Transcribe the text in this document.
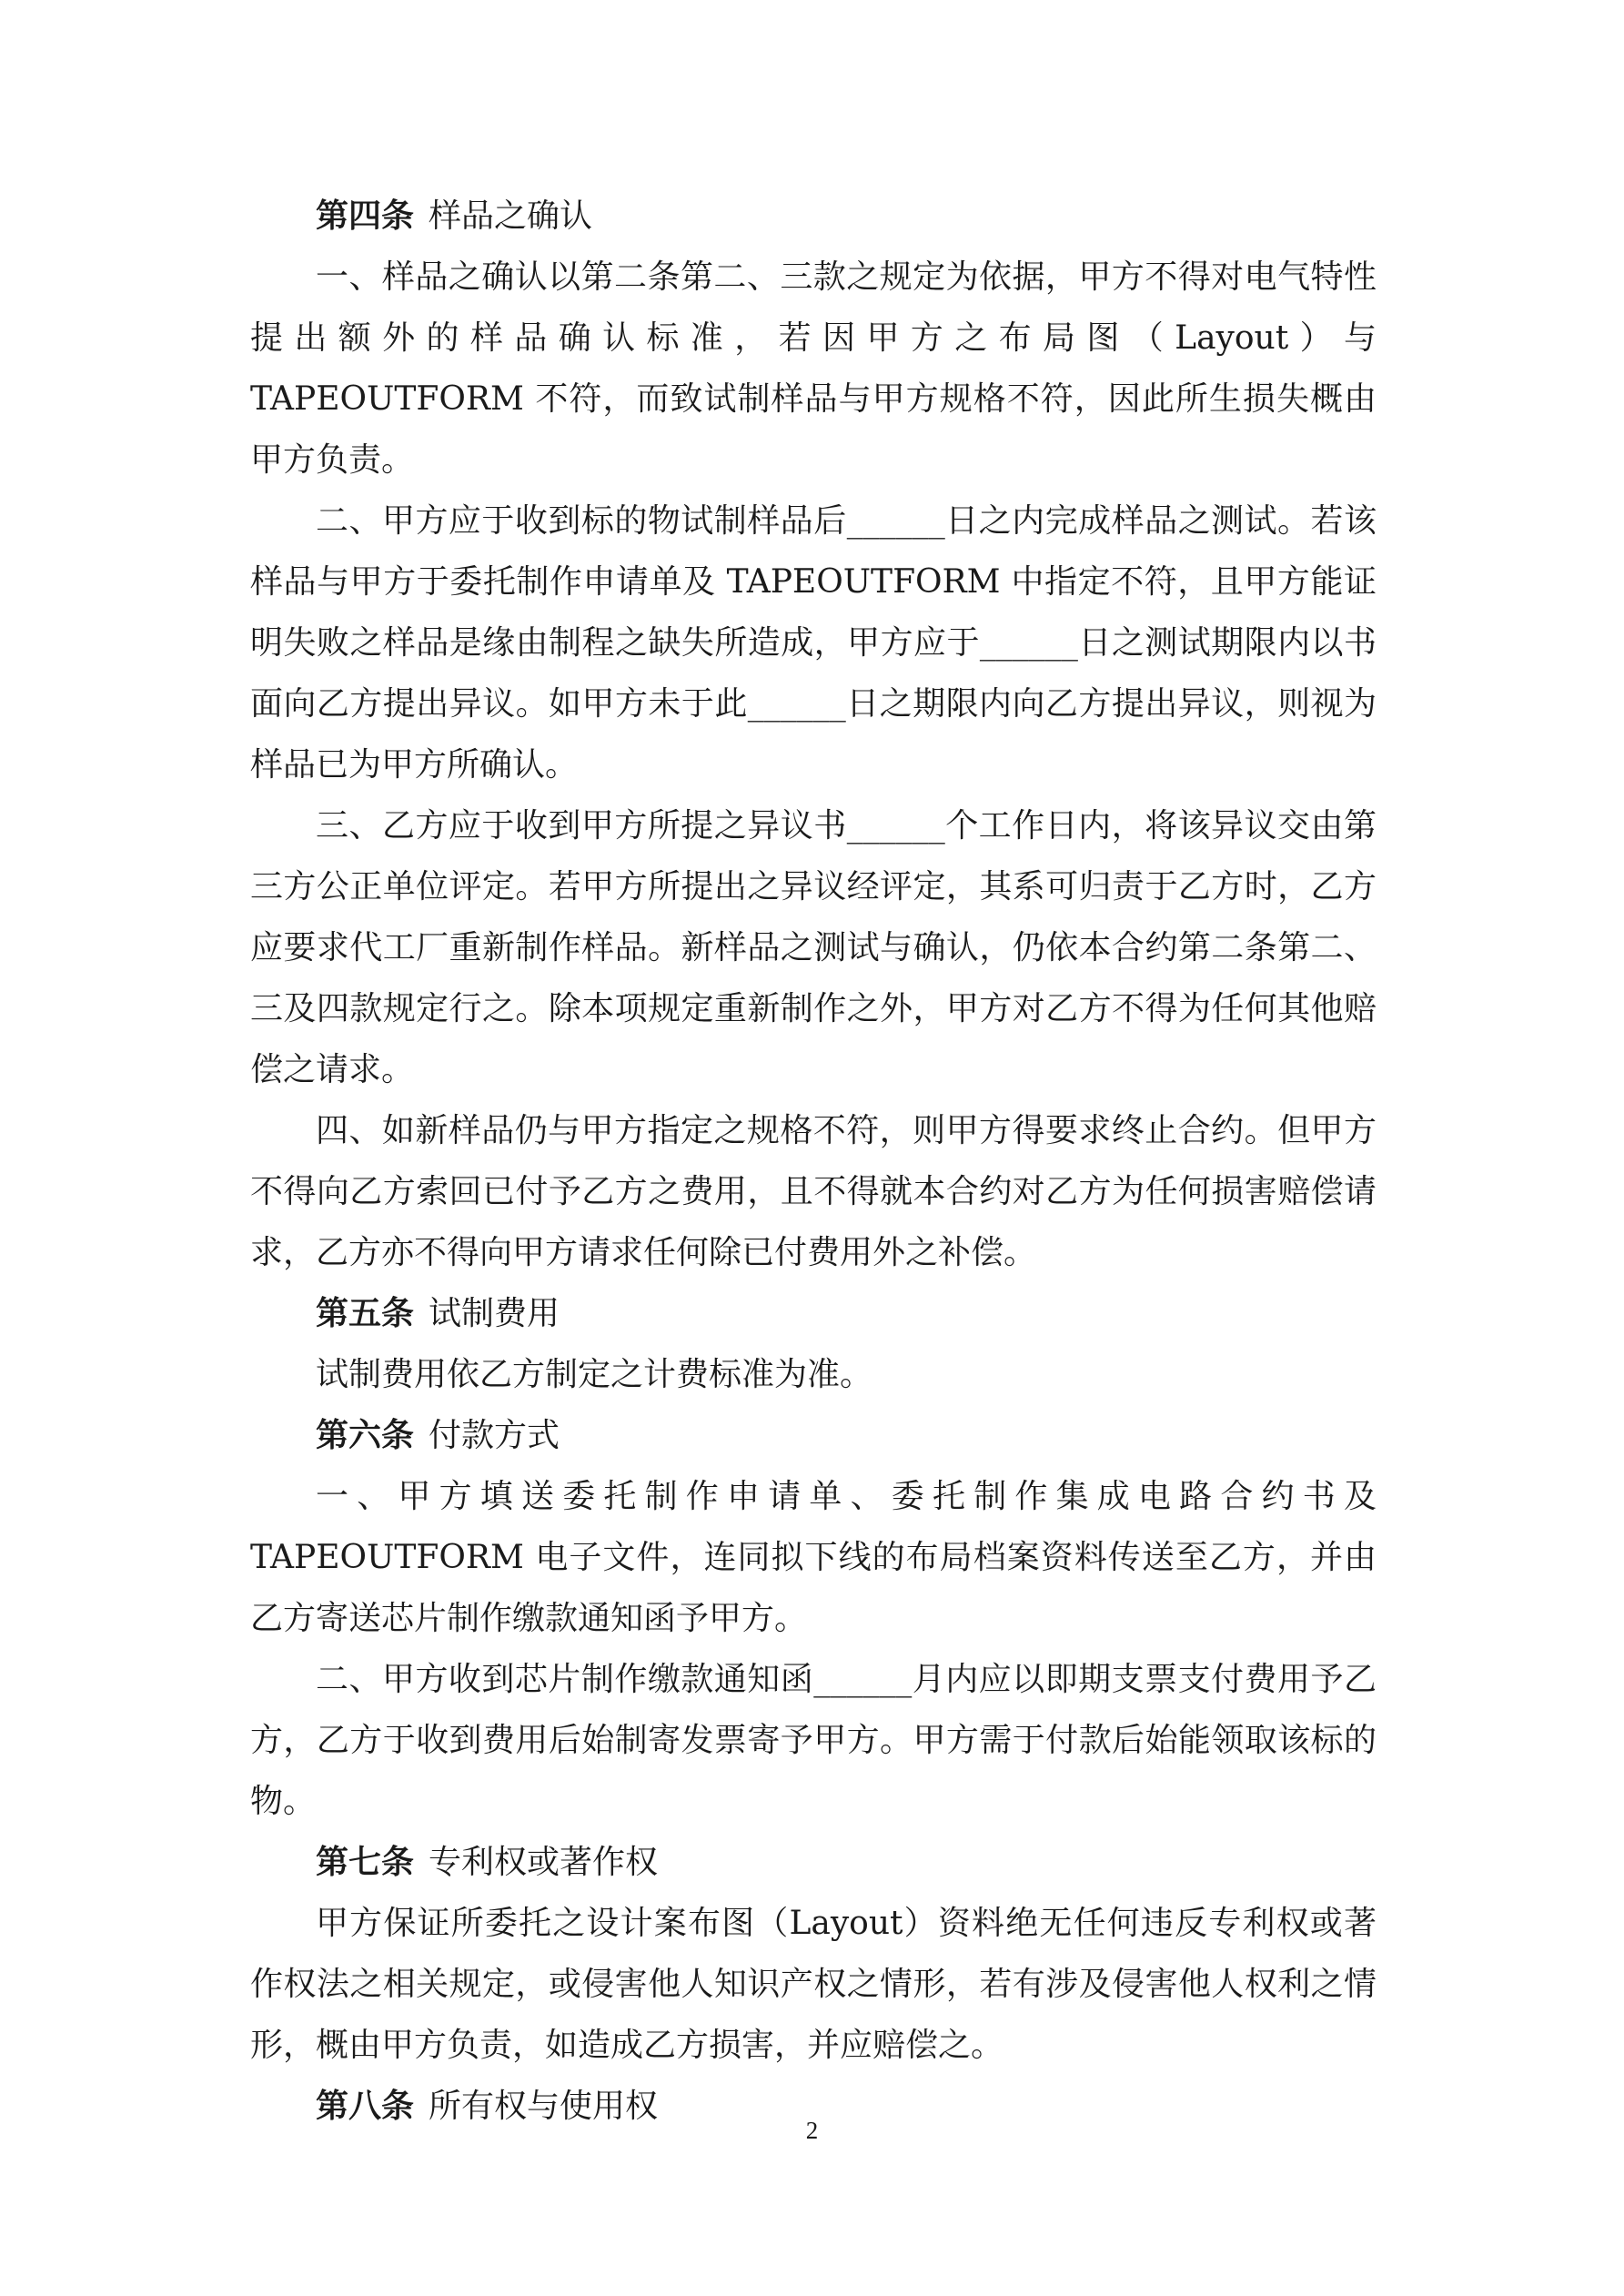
第四条 样品之确认

一、样品之确认以第二条第二、三款之规定为依据，甲方不得对电气特性提出额外的样品确认标准，若因甲方之布局图（Layout）与 TAPEOUTFORM 不符，而致试制样品与甲方规格不符，因此所生损失概由甲方负责。

二、甲方应于收到标的物试制样品后______日之内完成样品之测试。若该样品与甲方于委托制作申请单及 TAPEOUTFORM 中指定不符，且甲方能证明失败之样品是缘由制程之缺失所造成，甲方应于______日之测试期限内以书面向乙方提出异议。如甲方未于此______日之期限内向乙方提出异议，则视为样品已为甲方所确认。

三、乙方应于收到甲方所提之异议书______个工作日内，将该异议交由第三方公正单位评定。若甲方所提出之异议经评定，其系可归责于乙方时，乙方应要求代工厂重新制作样品。新样品之测试与确认，仍依本合约第二条第二、三及四款规定行之。除本项规定重新制作之外，甲方对乙方不得为任何其他赔偿之请求。

四、如新样品仍与甲方指定之规格不符，则甲方得要求终止合约。但甲方不得向乙方索回已付予乙方之费用，且不得就本合约对乙方为任何损害赔偿请求，乙方亦不得向甲方请求任何除已付费用外之补偿。

第五条 试制费用

试制费用依乙方制定之计费标准为准。

第六条 付款方式

一、甲方填送委托制作申请单、委托制作集成电路合约书及 TAPEOUTFORM 电子文件，连同拟下线的布局档案资料传送至乙方，并由乙方寄送芯片制作缴款通知函予甲方。

二、甲方收到芯片制作缴款通知函______月内应以即期支票支付费用予乙方，乙方于收到费用后始制寄发票寄予甲方。甲方需于付款后始能领取该标的物。

第七条 专利权或著作权

甲方保证所委托之设计案布图（Layout）资料绝无任何违反专利权或著作权法之相关规定，或侵害他人知识产权之情形，若有涉及侵害他人权利之情形，概由甲方负责，如造成乙方损害，并应赔偿之。

第八条 所有权与使用权

2
